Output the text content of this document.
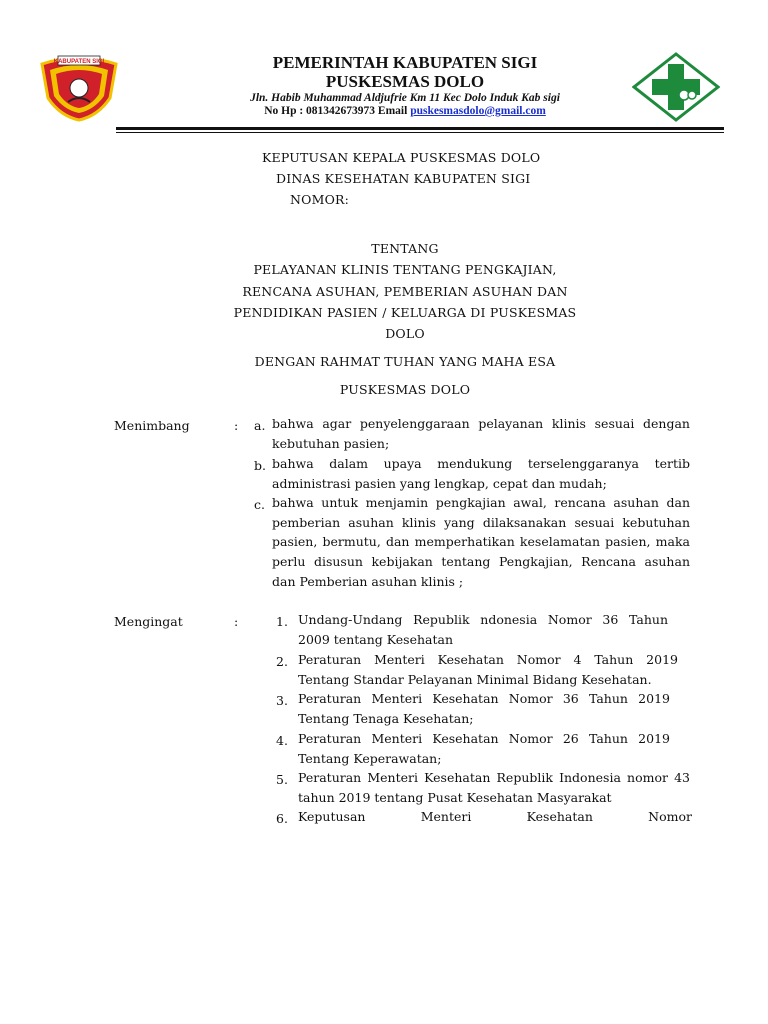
KABUPATEN SIGI	PEMERINTAH KABUPATEN SIGI
PUSKESMAS DOLO
Jln. Habib Muhammad Aldjufrie Km 11 Kec Dolo Induk Kab sigi
No Hp : 081342673973 Email puskesmasdolo@gmail.com
KEPUTUSAN KEPALA PUSKESMAS DOLO
DINAS KESEHATAN KABUPATEN SIGI
NOMOR:
TENTANG
PELAYANAN KLINIS TENTANG PENGKAJIAN,
RENCANA ASUHAN, PEMBERIAN ASUHAN DAN
PENDIDIKAN PASIEN / KELUARGA DI PUSKESMAS
DOLO
DENGAN RAHMAT TUHAN YANG MAHA ESA
PUSKESMAS DOLO
Menimbang	: a. bahwa agar penyelenggaraan pelayanan klinis sesuai dengan kebutuhan pasien;
b. bahwa dalam upaya mendukung terselenggaranya tertib administrasi pasien yang lengkap, cepat dan mudah;
c. bahwa untuk menjamin pengkajian awal, rencana asuhan dan pemberian asuhan klinis yang dilaksanakan sesuai kebutuhan pasien, bermutu, dan memperhatikan keselamatan pasien, maka perlu disusun kebijakan tentang Pengkajian, Rencana asuhan dan Pemberian asuhan klinis ;
Mengingat	:	1. Undang-Undang Republik ndonesia Nomor 36 Tahun 2009 tentang Kesehatan
2. Peraturan Menteri Kesehatan Nomor 4 Tahun 2019 Tentang Standar Pelayanan Minimal Bidang Kesehatan.
3. Peraturan Menteri Kesehatan Nomor 36 Tahun 2019 Tentang Tenaga Kesehatan;
4. Peraturan Menteri Kesehatan Nomor 26 Tahun 2019 Tentang Keperawatan;
5. Peraturan Menteri Kesehatan Republik Indonesia nomor 43 tahun 2019 tentang Pusat Kesehatan Masyarakat
6. Keputusan Menteri Kesehatan Nomor
